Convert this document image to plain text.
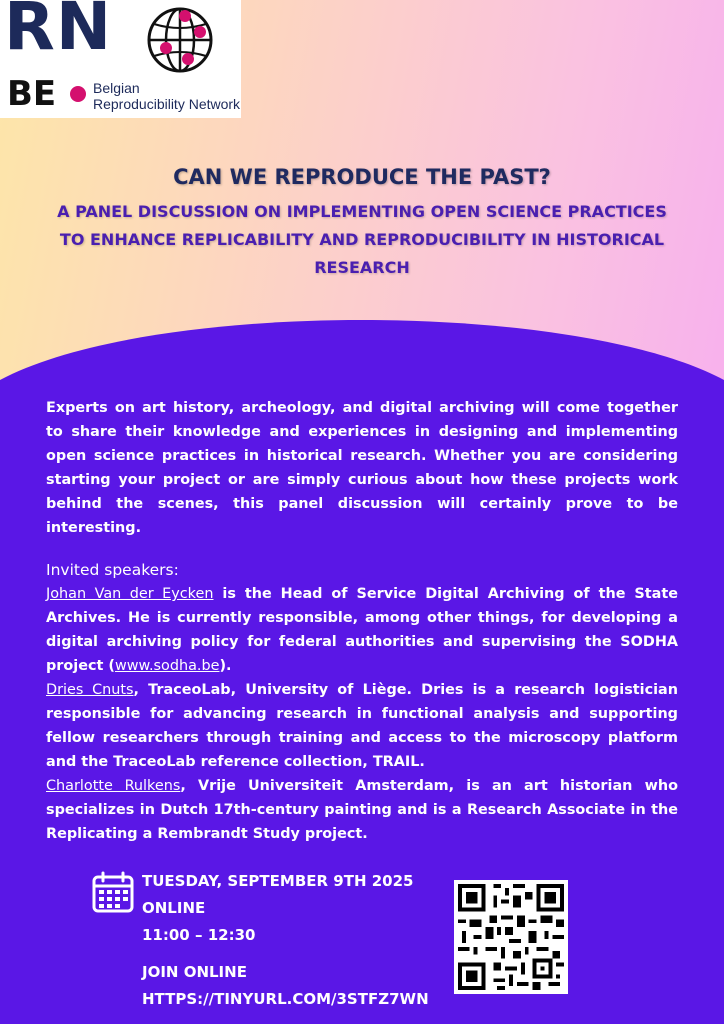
RN
BE	Belgian
Reproducibility Network
CAN WE REPRODUCE THE PAST?
A PANEL DISCUSSION ON IMPLEMENTING OPEN SCIENCE PRACTICES TO ENHANCE REPLICABILITY AND REPRODUCIBILITY IN HISTORICAL RESEARCH

Experts on art history, archeology, and digital archiving will come together to share their knowledge and experiences in designing and implementing open science practices in historical research. Whether you are considering starting your project or are simply curious about how these projects work behind the scenes, this panel discussion will certainly prove to be interesting.

Invited speakers:

Johan Van der Eycken is the Head of Service Digital Archiving of the State Archives. He is currently responsible, among other things, for developing a digital archiving policy for federal authorities and supervising the SODHA project (www.sodha.be).

Dries Cnuts, TraceoLab, University of Liège. Dries is a research logistician responsible for advancing research in functional analysis and supporting fellow researchers through training and access to the microscopy platform and the TraceoLab reference collection, TRAIL.

Charlotte Rulkens, Vrije Universiteit Amsterdam, is an art historian who specializes in Dutch 17th-century painting and is a Research Associate in the Replicating a Rembrandt Study project.

TUESDAY, SEPTEMBER 9TH 2025
ONLINE
11:00 – 12:30
JOIN ONLINE
HTTPS://TINYURL.COM/3STFZ7WN
